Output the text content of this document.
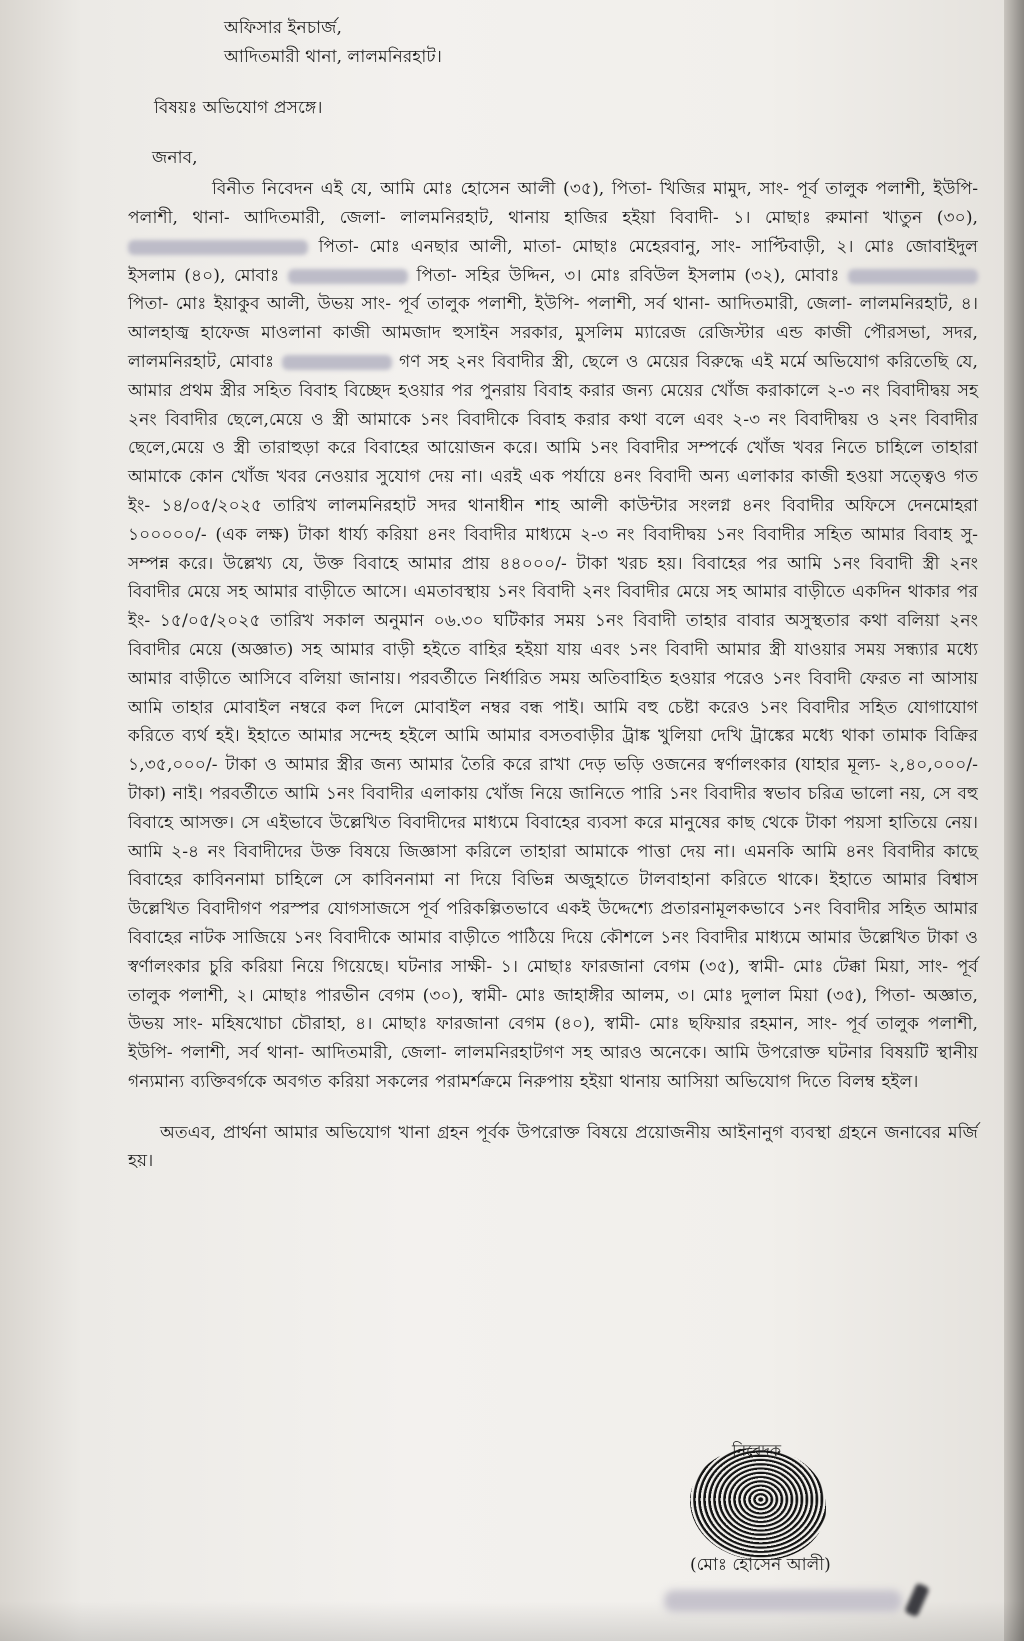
অফিসার ইনচার্জ,
আদিতমারী থানা, লালমনিরহাট।
বিষয়ঃ অভিযোগ প্রসঙ্গে।
জনাব,
বিনীত নিবেদন এই যে, আমি মোঃ হোসেন আলী (৩৫), পিতা- খিজির মামুদ, সাং- পূর্ব তালুক পলাশী, ইউপি- পলাশী, থানা- আদিতমারী, জেলা- লালমনিরহাট, থানায় হাজির হইয়া বিবাদী- ১। মোছাঃ রুমানা খাতুন (৩০),  পিতা- মোঃ এনছার আলী, মাতা- মোছাঃ মেহেরবানু, সাং- সাপ্টিবাড়ী, ২। মোঃ জোবাইদুল ইসলাম (৪০), মোবাঃ	পিতা- সহির উদ্দিন, ৩। মোঃ রবিউল ইসলাম (৩২), মোবাঃ  পিতা- মোঃ ইয়াকুব আলী, উভয় সাং- পূর্ব তালুক পলাশী, ইউপি- পলাশী, সর্ব থানা- আদিতমারী, জেলা- লালমনিরহাট, ৪। আলহাজ্ব হাফেজ মাওলানা কাজী আমজাদ হুসাইন সরকার, মুসলিম ম্যারেজ রেজিস্টার এন্ড কাজী পৌরসভা, সদর, লালমনিরহাট, মোবাঃ	গণ সহ ২নং বিবাদীর স্ত্রী, ছেলে ও মেয়ের বিরুদ্ধে এই মর্মে অভিযোগ করিতেছি যে, আমার প্রথম স্ত্রীর সহিত বিবাহ বিচ্ছেদ হওয়ার পর পুনরায় বিবাহ করার জন্য মেয়ের খোঁজ করাকালে ২-৩ নং বিবাদীদ্বয় সহ ২নং বিবাদীর ছেলে,মেয়ে ও স্ত্রী আমাকে ১নং বিবাদীকে বিবাহ করার কথা বলে এবং ২-৩ নং বিবাদীদ্বয় ও ২নং বিবাদীর ছেলে,মেয়ে ও স্ত্রী তারাহুড়া করে বিবাহের আয়োজন করে। আমি ১নং বিবাদীর সম্পর্কে খোঁজ খবর নিতে চাহিলে তাহারা আমাকে কোন খোঁজ খবর নেওয়ার সুযোগ দেয় না। এরই এক পর্যায়ে ৪নং বিবাদী অন্য এলাকার কাজী হওয়া সত্ত্বেও গত ইং- ১৪/০৫/২০২৫ তারিখ লালমনিরহাট সদর থানাধীন শাহ আলী কাউন্টার সংলগ্ন ৪নং বিবাদীর অফিসে দেনমোহরা ১০০০০০/- (এক লক্ষ) টাকা ধার্য্য করিয়া ৪নং বিবাদীর মাধ্যমে ২-৩ নং বিবাদীদ্বয় ১নং বিবাদীর সহিত আমার বিবাহ সু-সম্পন্ন করে। উল্লেখ্য যে, উক্ত বিবাহে আমার প্রায় ৪৪০০০/- টাকা খরচ হয়। বিবাহের পর আমি ১নং বিবাদী স্ত্রী ২নং বিবাদীর মেয়ে সহ আমার বাড়ীতে আসে। এমতাবস্থায় ১নং বিবাদী ২নং বিবাদীর মেয়ে সহ আমার বাড়ীতে একদিন থাকার পর ইং- ১৫/০৫/২০২৫ তারিখ সকাল অনুমান ০৬.৩০ ঘটিকার সময় ১নং বিবাদী তাহার বাবার অসুস্থতার কথা বলিয়া ২নং বিবাদীর মেয়ে (অজ্ঞাত) সহ আমার বাড়ী হইতে বাহির হইয়া যায় এবং ১নং বিবাদী আমার স্ত্রী যাওয়ার সময় সন্ধ্যার মধ্যে আমার বাড়ীতে আসিবে বলিয়া জানায়। পরবর্তীতে নির্ধারিত সময় অতিবাহিত হওয়ার পরেও ১নং বিবাদী ফেরত না আসায় আমি তাহার মোবাইল নম্বরে কল দিলে মোবাইল নম্বর বন্ধ পাই। আমি বহু চেষ্টা করেও ১নং বিবাদীর সহিত যোগাযোগ করিতে ব্যর্থ হই। ইহাতে আমার সন্দেহ হইলে আমি আমার বসতবাড়ীর ট্রাঙ্ক খুলিয়া দেখি ট্রাঙ্কের মধ্যে থাকা তামাক বিক্রির ১,৩৫,০০০/- টাকা ও আমার স্ত্রীর জন্য আমার তৈরি করে রাখা দেড় ভড়ি ওজনের স্বর্ণালংকার (যাহার মূল্য- ২,৪০,০০০/- টাকা) নাই। পরবর্তীতে আমি ১নং বিবাদীর এলাকায় খোঁজ নিয়ে জানিতে পারি ১নং বিবাদীর স্বভাব চরিত্র ভালো নয়, সে বহু বিবাহে আসক্ত। সে এইভাবে উল্লেখিত বিবাদীদের মাধ্যমে বিবাহের ব্যবসা করে মানুষের কাছ থেকে টাকা পয়সা হাতিয়ে নেয়। আমি ২-৪ নং বিবাদীদের উক্ত বিষয়ে জিজ্ঞাসা করিলে তাহারা আমাকে পাত্তা দেয় না। এমনকি আমি ৪নং বিবাদীর কাছে বিবাহের কাবিননামা চাহিলে সে কাবিননামা না দিয়ে বিভিন্ন অজুহাতে টালবাহানা করিতে থাকে। ইহাতে আমার বিশ্বাস উল্লেখিত বিবাদীগণ পরস্পর যোগসাজসে পূর্ব পরিকল্পিতভাবে একই উদ্দেশ্যে প্রতারনামূলকভাবে ১নং বিবাদীর সহিত আমার বিবাহের নাটক সাজিয়ে ১নং বিবাদীকে আমার বাড়ীতে পাঠিয়ে দিয়ে কৌশলে ১নং বিবাদীর মাধ্যমে আমার উল্লেখিত টাকা ও স্বর্ণালংকার চুরি করিয়া নিয়ে গিয়েছে। ঘটনার সাক্ষী- ১। মোছাঃ ফারজানা বেগম (৩৫), স্বামী- মোঃ টেক্কা মিয়া, সাং- পূর্ব তালুক পলাশী, ২। মোছাঃ পারভীন বেগম (৩০), স্বামী- মোঃ জাহাঙ্গীর আলম, ৩। মোঃ দুলাল মিয়া (৩৫), পিতা- অজ্ঞাত, উভয় সাং- মহিষখোচা চৌরাহা, ৪। মোছাঃ ফারজানা বেগম (৪০), স্বামী- মোঃ ছফিয়ার রহমান, সাং- পূর্ব তালুক পলাশী, ইউপি- পলাশী, সর্ব থানা- আদিতমারী, জেলা- লালমনিরহাটগণ সহ আরও অনেকে। আমি উপরোক্ত ঘটনার বিষয়টি স্থানীয় গন্যমান্য ব্যক্তিবর্গকে অবগত করিয়া সকলের পরামর্শক্রমে নিরুপায় হইয়া থানায় আসিয়া অভিযোগ দিতে বিলম্ব হইল।
অতএব, প্রার্থনা আমার অভিযোগ খানা গ্রহন পূর্বক উপরোক্ত বিষয়ে প্রয়োজনীয় আইনানুগ ব্যবস্থা গ্রহনে জনাবের মর্জি হয়।
নিবেদক
(মোঃ হোসেন আলী)
